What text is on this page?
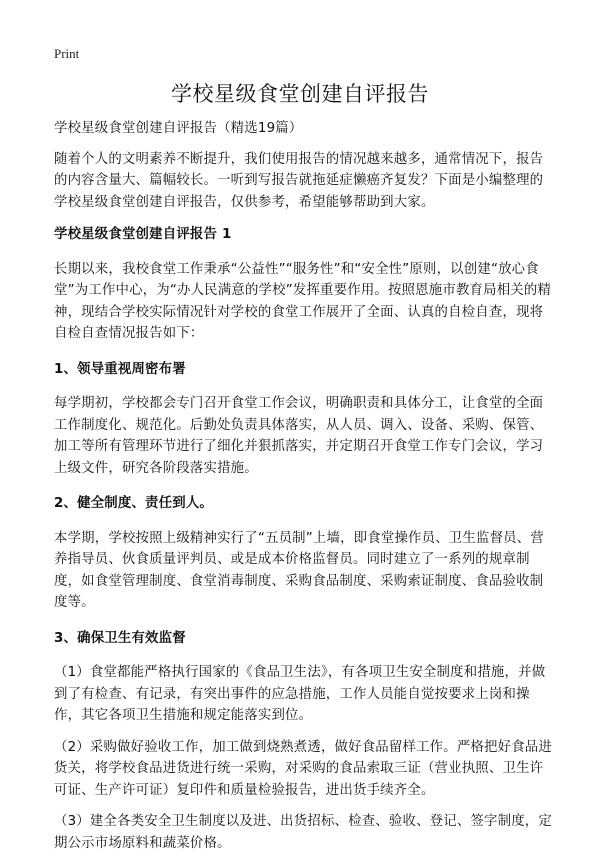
Print
学校星级食堂创建自评报告

学校星级食堂创建自评报告（精选19篇）

随着个人的文明素养不断提升，我们使用报告的情况越来越多，通常情况下，报告的内容含量大、篇幅较长。一听到写报告就拖延症懒癌齐复发？下面是小编整理的学校星级食堂创建自评报告，仅供参考，希望能够帮助到大家。

学校星级食堂创建自评报告 1

长期以来，我校食堂工作秉承“公益性”“服务性”和“安全性”原则，以创建“放心食堂”为工作中心，为“办人民满意的学校”发挥重要作用。按照恩施市教育局相关的精神，现结合学校实际情况针对学校的食堂工作展开了全面、认真的自检自查，现将自检自查情况报告如下：

1、领导重视周密布署

每学期初，学校都会专门召开食堂工作会议，明确职责和具体分工，让食堂的全面工作制度化、规范化。后勤处负责具体落实，从人员、调入、设备、采购、保管、加工等所有管理环节进行了细化并狠抓落实，并定期召开食堂工作专门会议，学习上级文件，研究各阶段落实措施。

2、健全制度、责任到人。

本学期，学校按照上级精神实行了“五员制”上墙，即食堂操作员、卫生监督员、营养指导员、伙食质量评判员、或是成本价格监督员。同时建立了一系列的规章制度，如食堂管理制度、食堂消毒制度、采购食品制度、采购索证制度、食品验收制度等。

3、确保卫生有效监督

（1）食堂都能严格执行国家的《食品卫生法》，有各项卫生安全制度和措施，并做到了有检查、有记录，有突出事件的应急措施，工作人员能自觉按要求上岗和操作，其它各项卫生措施和规定能落实到位。

（2）采购做好验收工作，加工做到烧熟煮透，做好食品留样工作。严格把好食品进货关，将学校食品进货进行统一采购，对采购的食品索取三证（营业执照、卫生许可证、生产许可证）复印件和质量检验报告，进出货手续齐全。

（3）建全各类安全卫生制度以及进、出货招标、检查、验收、登记、签字制度，定期公示市场原料和蔬菜价格。
